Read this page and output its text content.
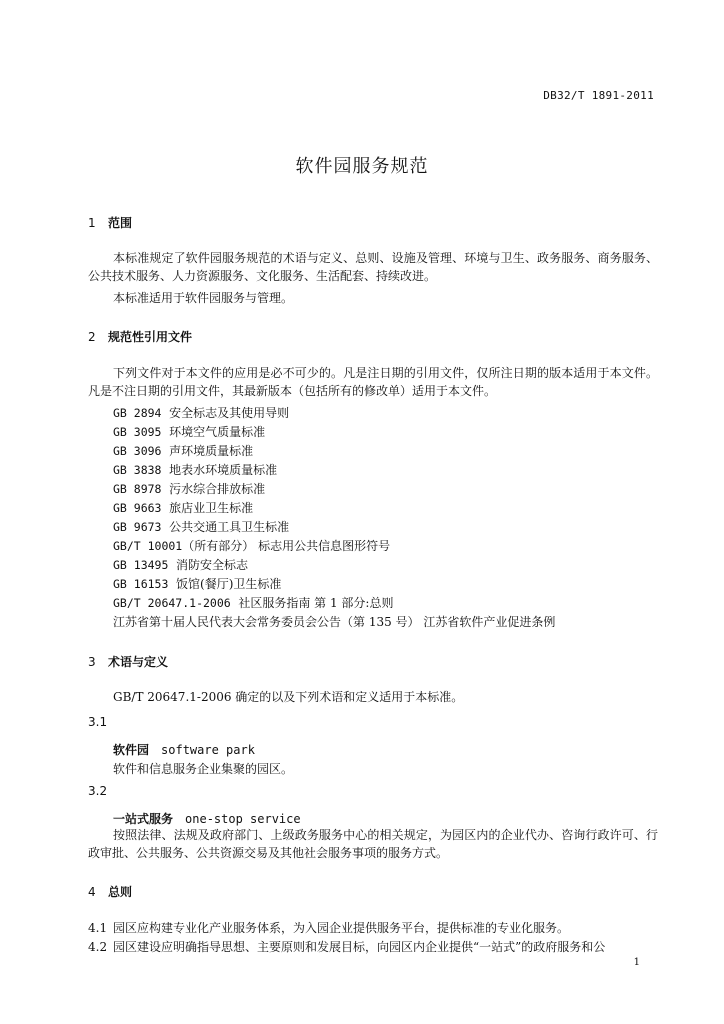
DB32/T 1891-2011
软件园服务规范
1 范围
本标准规定了软件园服务规范的术语与定义、总则、设施及管理、环境与卫生、政务服务、商务服务、公共技术服务、人力资源服务、文化服务、生活配套、持续改进。
本标准适用于软件园服务与管理。
2 规范性引用文件
下列文件对于本文件的应用是必不可少的。凡是注日期的引用文件，仅所注日期的版本适用于本文件。凡是不注日期的引用文件，其最新版本（包括所有的修改单）适用于本文件。
GB 2894 安全标志及其使用导则
GB 3095 环境空气质量标准
GB 3096 声环境质量标准
GB 3838 地表水环境质量标准
GB 8978 污水综合排放标准
GB 9663 旅店业卫生标准
GB 9673 公共交通工具卫生标准
GB/T 10001（所有部分） 标志用公共信息图形符号
GB 13495 消防安全标志
GB 16153 饭馆(餐厅)卫生标准
GB/T 20647.1-2006 社区服务指南 第 1 部分:总则
江苏省第十届人民代表大会常务委员会公告（第 135 号） 江苏省软件产业促进条例
3 术语与定义
GB/T 20647.1-2006 确定的以及下列术语和定义适用于本标准。
3.1
软件园 software park
软件和信息服务企业集聚的园区。
3.2
一站式服务 one-stop service
按照法律、法规及政府部门、上级政务服务中心的相关规定，为园区内的企业代办、咨询行政许可、行政审批、公共服务、公共资源交易及其他社会服务事项的服务方式。
4 总则
4.1 园区应构建专业化产业服务体系，为入园企业提供服务平台，提供标准的专业化服务。
4.2 园区建设应明确指导思想、主要原则和发展目标，向园区内企业提供“一站式”的政府服务和公
1
